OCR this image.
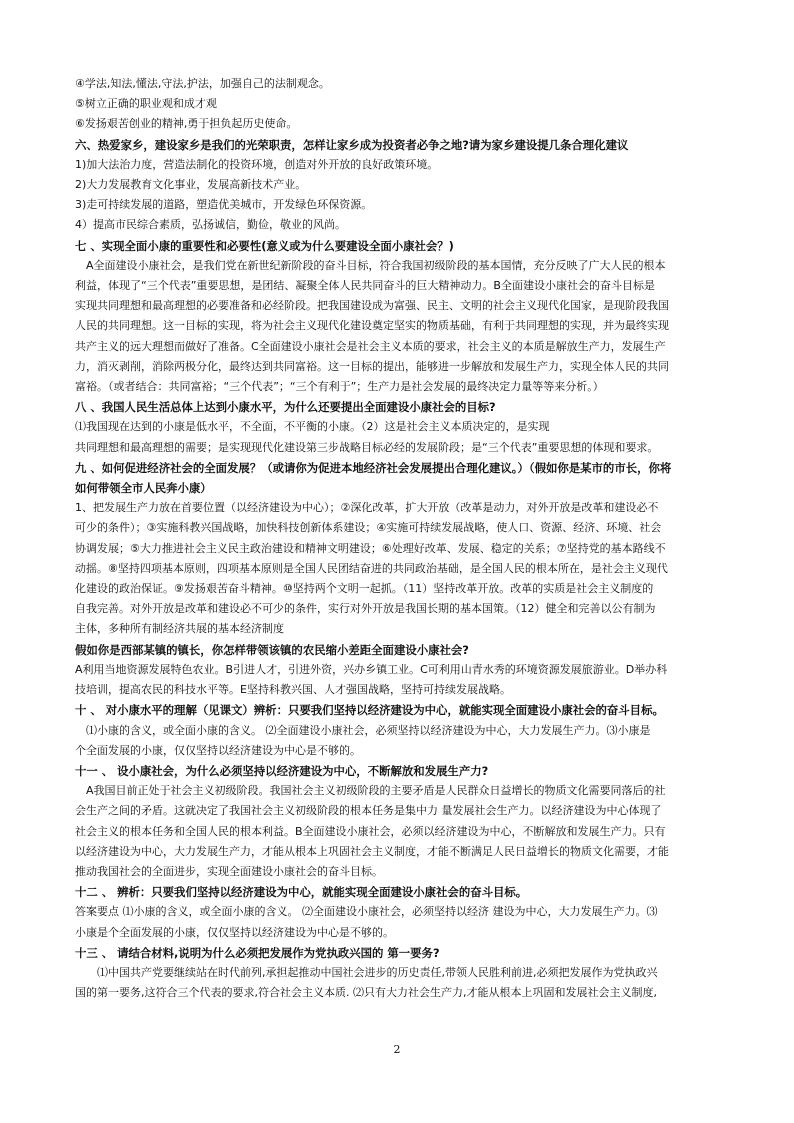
④学法,知法,懂法,守法,护法，加强自己的法制观念。

⑤树立正确的职业观和成才观

⑥发扬艰苦创业的精神,勇于担负起历史使命。

六、热爱家乡，建设家乡是我们的光荣职责，怎样让家乡成为投资者必争之地?请为家乡建设提几条合理化建议

1)加大法治力度，营造法制化的投资环境，创造对外开放的良好政策环境。

2)大力发展教育文化事业，发展高新技术产业。

3)走可持续发展的道路，塑造优美城市，开发绿色环保资源。

4）提高市民综合素质，弘扬诚信，勤俭，敬业的风尚。

七 、实现全面小康的重要性和必要性(意义或为什么要建设全面小康社会？)

A全面建设小康社会，是我们党在新世纪新阶段的奋斗目标，符合我国初级阶段的基本国情，充分反映了广大人民的根本

利益，体现了“三个代表”重要思想，是团结、凝聚全体人民共同奋斗的巨大精神动力。B全面建设小康社会的奋斗目标是

实现共同理想和最高理想的必要准备和必经阶段。把我国建设成为富强、民主、文明的社会主义现代化国家，是现阶段我国

人民的共同理想。这一目标的实现，将为社会主义现代化建设奠定坚实的物质基础，有利于共同理想的实现，并为最终实现

共产主义的远大理想而做好了准备。C全面建设小康社会是社会主义本质的要求，社会主义的本质是解放生产力，发展生产

力，消灭剥削，消除两极分化，最终达到共同富裕。这一目标的提出，能够进一步解放和发展生产力，实现全体人民的共同

富裕。（或者结合：共同富裕；“三个代表”；“三个有利于”；生产力是社会发展的最终决定力量等等来分析。）

八 、我国人民生活总体上达到小康水平，为什么还要提出全面建设小康社会的目标?

⑴我国现在达到的小康是低水平，不全面，不平衡的小康。（2）这是社会主义本质决定的，是实现

共同理想和最高理想的需要；是实现现代化建设第三步战略目标必经的发展阶段；是“三个代表”重要思想的体现和要求。

九 、如何促进经济社会的全面发展？（或请你为促进本地经济社会发展提出合理化建议。）（假如你是某市的市长，你将

如何带领全市人民奔小康）

1、把发展生产力放在首要位置（以经济建设为中心）；②深化改革，扩大开放（改革是动力，对外开放是改革和建设必不

可少的条件）；③实施科教兴国战略，加快科技创新体系建设；④实施可持续发展战略，使人口、资源、经济、环境、社会

协调发展；⑤大力推进社会主义民主政治建设和精神文明建设；⑥处理好改革、发展、稳定的关系；⑦坚持党的基本路线不

动摇。⑧坚持四项基本原则，四项基本原则是全国人民团结奋进的共同政治基础，是全国人民的根本所在，是社会主义现代

化建设的政治保证。⑨发扬艰苦奋斗精神。⑩坚持两个文明一起抓。（11）坚持改革开放。改革的实质是社会主义制度的

自我完善。对外开放是改革和建设必不可少的条件，实行对外开放是我国长期的基本国策。（12）健全和完善以公有制为

主体，多种所有制经济共展的基本经济制度

假如你是西部某镇的镇长，你怎样带领该镇的农民缩小差距全面建设小康社会?

A利用当地资源发展特色农业。B引进人才，引进外资，兴办乡镇工业。C可利用山青水秀的环境资源发展旅游业。D举办科

技培训，提高农民的科技水平等。E坚持科教兴国、人才强国战略，坚持可持续发展战略。

十 、 对小康水平的理解（见课文）辨析：只要我们坚持以经济建设为中心，就能实现全面建设小康社会的奋斗目标。

⑴小康的含义，或全面小康的含义。 ⑵全面建设小康社会，必须坚持以经济建设为中心，大力发展生产力。⑶小康是

个全面发展的小康，仅仅坚持以经济建设为中心是不够的。

十一 、 设小康社会，为什么必须坚持以经济建设为中心，不断解放和发展生产力?

A我国目前正处于社会主义初级阶段。我国社会主义初级阶段的主要矛盾是人民群众日益增长的物质文化需要同落后的社

会生产之间的矛盾。这就决定了我国社会主义初级阶段的根本任务是集中力 量发展社会生产力。以经济建设为中心体现了

社会主义的根本任务和全国人民的根本利益。B全面建设小康社会，必须以经济建设为中心，不断解放和发展生产力。只有

以经济建设为中心，大力发展生产力，才能从根本上巩固社会主义制度，才能不断满足人民日益增长的物质文化需要，才能

推动我国社会的全面进步，实现全面建设小康社会的奋斗目标。

十二 、 辨析：只要我们坚持以经济建设为中心，就能实现全面建设小康社会的奋斗目标。

答案要点 ⑴小康的含义，或全面小康的含义。 ⑵全面建设小康社会，必须坚持以经济 建设为中心，大力发展生产力。⑶

小康是个全面发展的小康，仅仅坚持以经济建设为中心是不够的。

十三 、 请结合材料,说明为什么必须把发展作为党执政兴国的 第一要务?

⑴中国共产党要继续站在时代前列,承担起推动中国社会进步的历史责任,带领人民胜利前进,必须把发展作为党执政兴

国的第一要务,这符合三个代表的要求,符合社会主义本质. ⑵只有大力社会生产力,才能从根本上巩固和发展社会主义制度,

2
